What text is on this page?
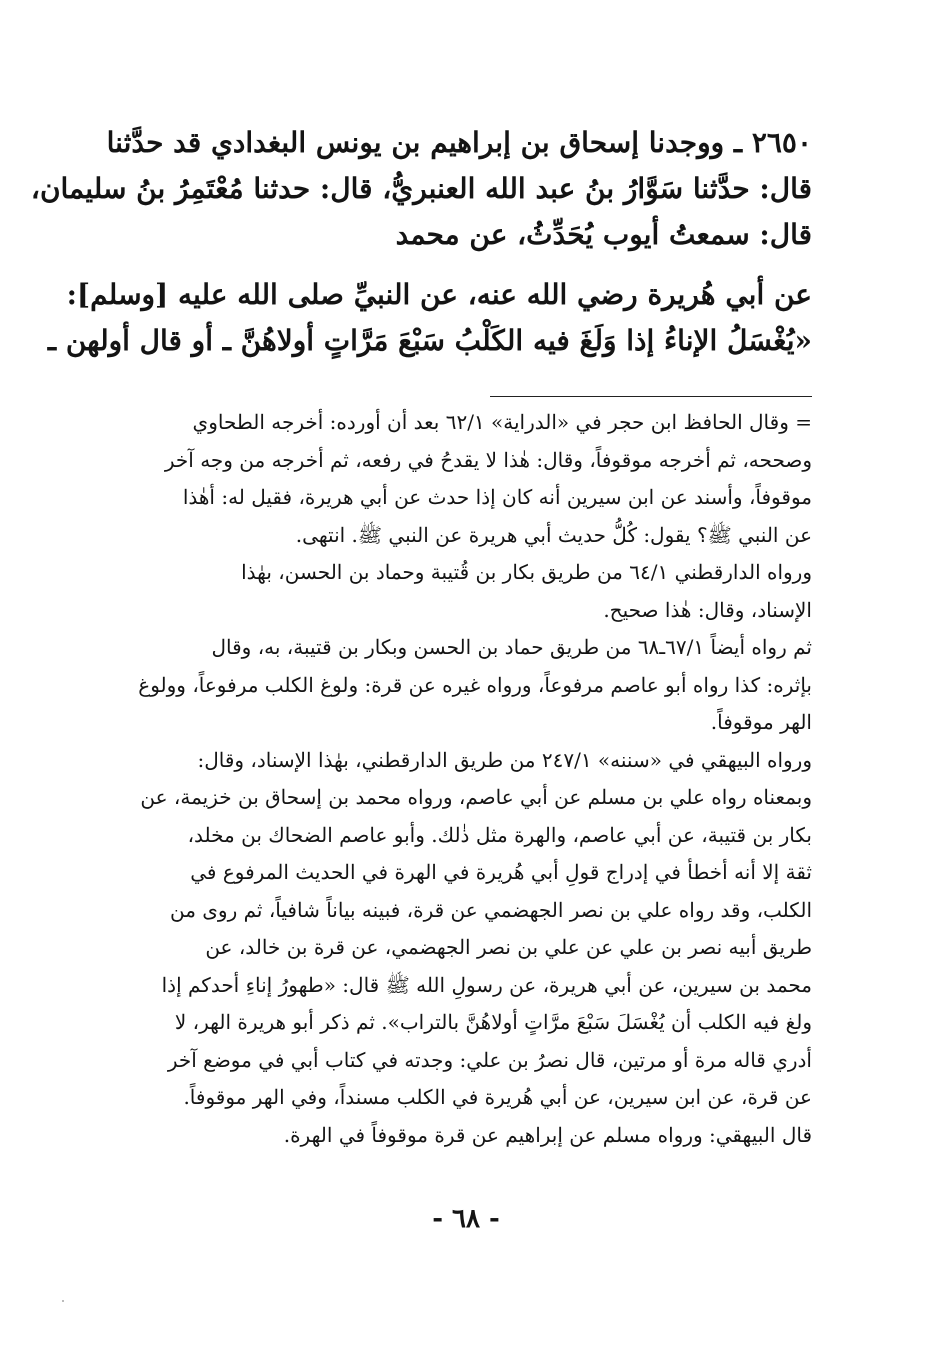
٢٦٥٠ ـ ووجدنا إسحاق بن إبراهيم بن يونس البغدادي قد حدَّثنا
قال: حدَّثنا سَوَّارُ بنُ عبد الله العنبريُّ، قال: حدثنا مُعْتَمِرُ بنُ سليمان،
قال: سمعتُ أيوب يُحَدِّثُ، عن محمد
عن أبي هُريرة رضي الله عنه، عن النبيِّ صلى الله عليه [وسلم]:
«يُغْسَلُ الإناءُ إذا وَلَغَ فيه الكَلْبُ سَبْعَ مَرَّاتٍ أولاهُنَّ ـ أو قال أولهن ـ
= وقال الحافظ ابن حجر في «الدراية» ٦٢/١ بعد أن أورده: أخرجه الطحاوي
وصححه، ثم أخرجه موقوفاً، وقال: هٰذا لا يقدحُ في رفعه، ثم أخرجه من وجه آخر
موقوفاً، وأسند عن ابن سيرين أنه كان إذا حدث عن أبي هريرة، فقيل له: أهٰذا
عن النبي ﷺ؟ يقول: كُلُّ حديث أبي هريرة عن النبي ﷺ. انتهى.
ورواه الدارقطني ٦٤/١ من طريق بكار بن قُتيبة وحماد بن الحسن، بهٰذا
الإسناد، وقال: هٰذا صحيح.
ثم رواه أيضاً ٦٧/١ـ٦٨ من طريق حماد بن الحسن وبكار بن قتيبة، به، وقال
بإثره: كذا رواه أبو عاصم مرفوعاً، ورواه غيره عن قرة: ولوغ الكلب مرفوعاً، وولوغ
الهر موقوفاً.
ورواه البيهقي في «سننه» ٢٤٧/١ من طريق الدارقطني، بهٰذا الإسناد، وقال:
وبمعناه رواه علي بن مسلم عن أبي عاصم، ورواه محمد بن إسحاق بن خزيمة، عن
بكار بن قتيبة، عن أبي عاصم، والهرة مثل ذٰلك. وأبو عاصم الضحاك بن مخلد،
ثقة إلا أنه أخطأ في إدراج قولِ أبي هُريرة في الهرة في الحديث المرفوع في
الكلب، وقد رواه علي بن نصر الجهضمي عن قرة، فبينه بياناً شافياً، ثم روى من
طريق أبيه نصر بن علي عن علي بن نصر الجهضمي، عن قرة بن خالد، عن
محمد بن سيرين، عن أبي هريرة، عن رسولِ الله ﷺ قال: «طهورُ إناءِ أحدكم إذا
ولغ فيه الكلب أن يُغْسَلَ سَبْعَ مرَّاتٍ أولاهُنَّ بالتراب». ثم ذكر أبو هريرة الهر، لا
أدري قاله مرة أو مرتين، قال نصرُ بن علي: وجدته في كتاب أبي في موضع آخر
عن قرة، عن ابن سيرين، عن أبي هُريرة في الكلب مسنداً، وفي الهر موقوفاً.
قال البيهقي: ورواه مسلم عن إبراهيم عن قرة موقوفاً في الهرة.
- ٦٨ -
